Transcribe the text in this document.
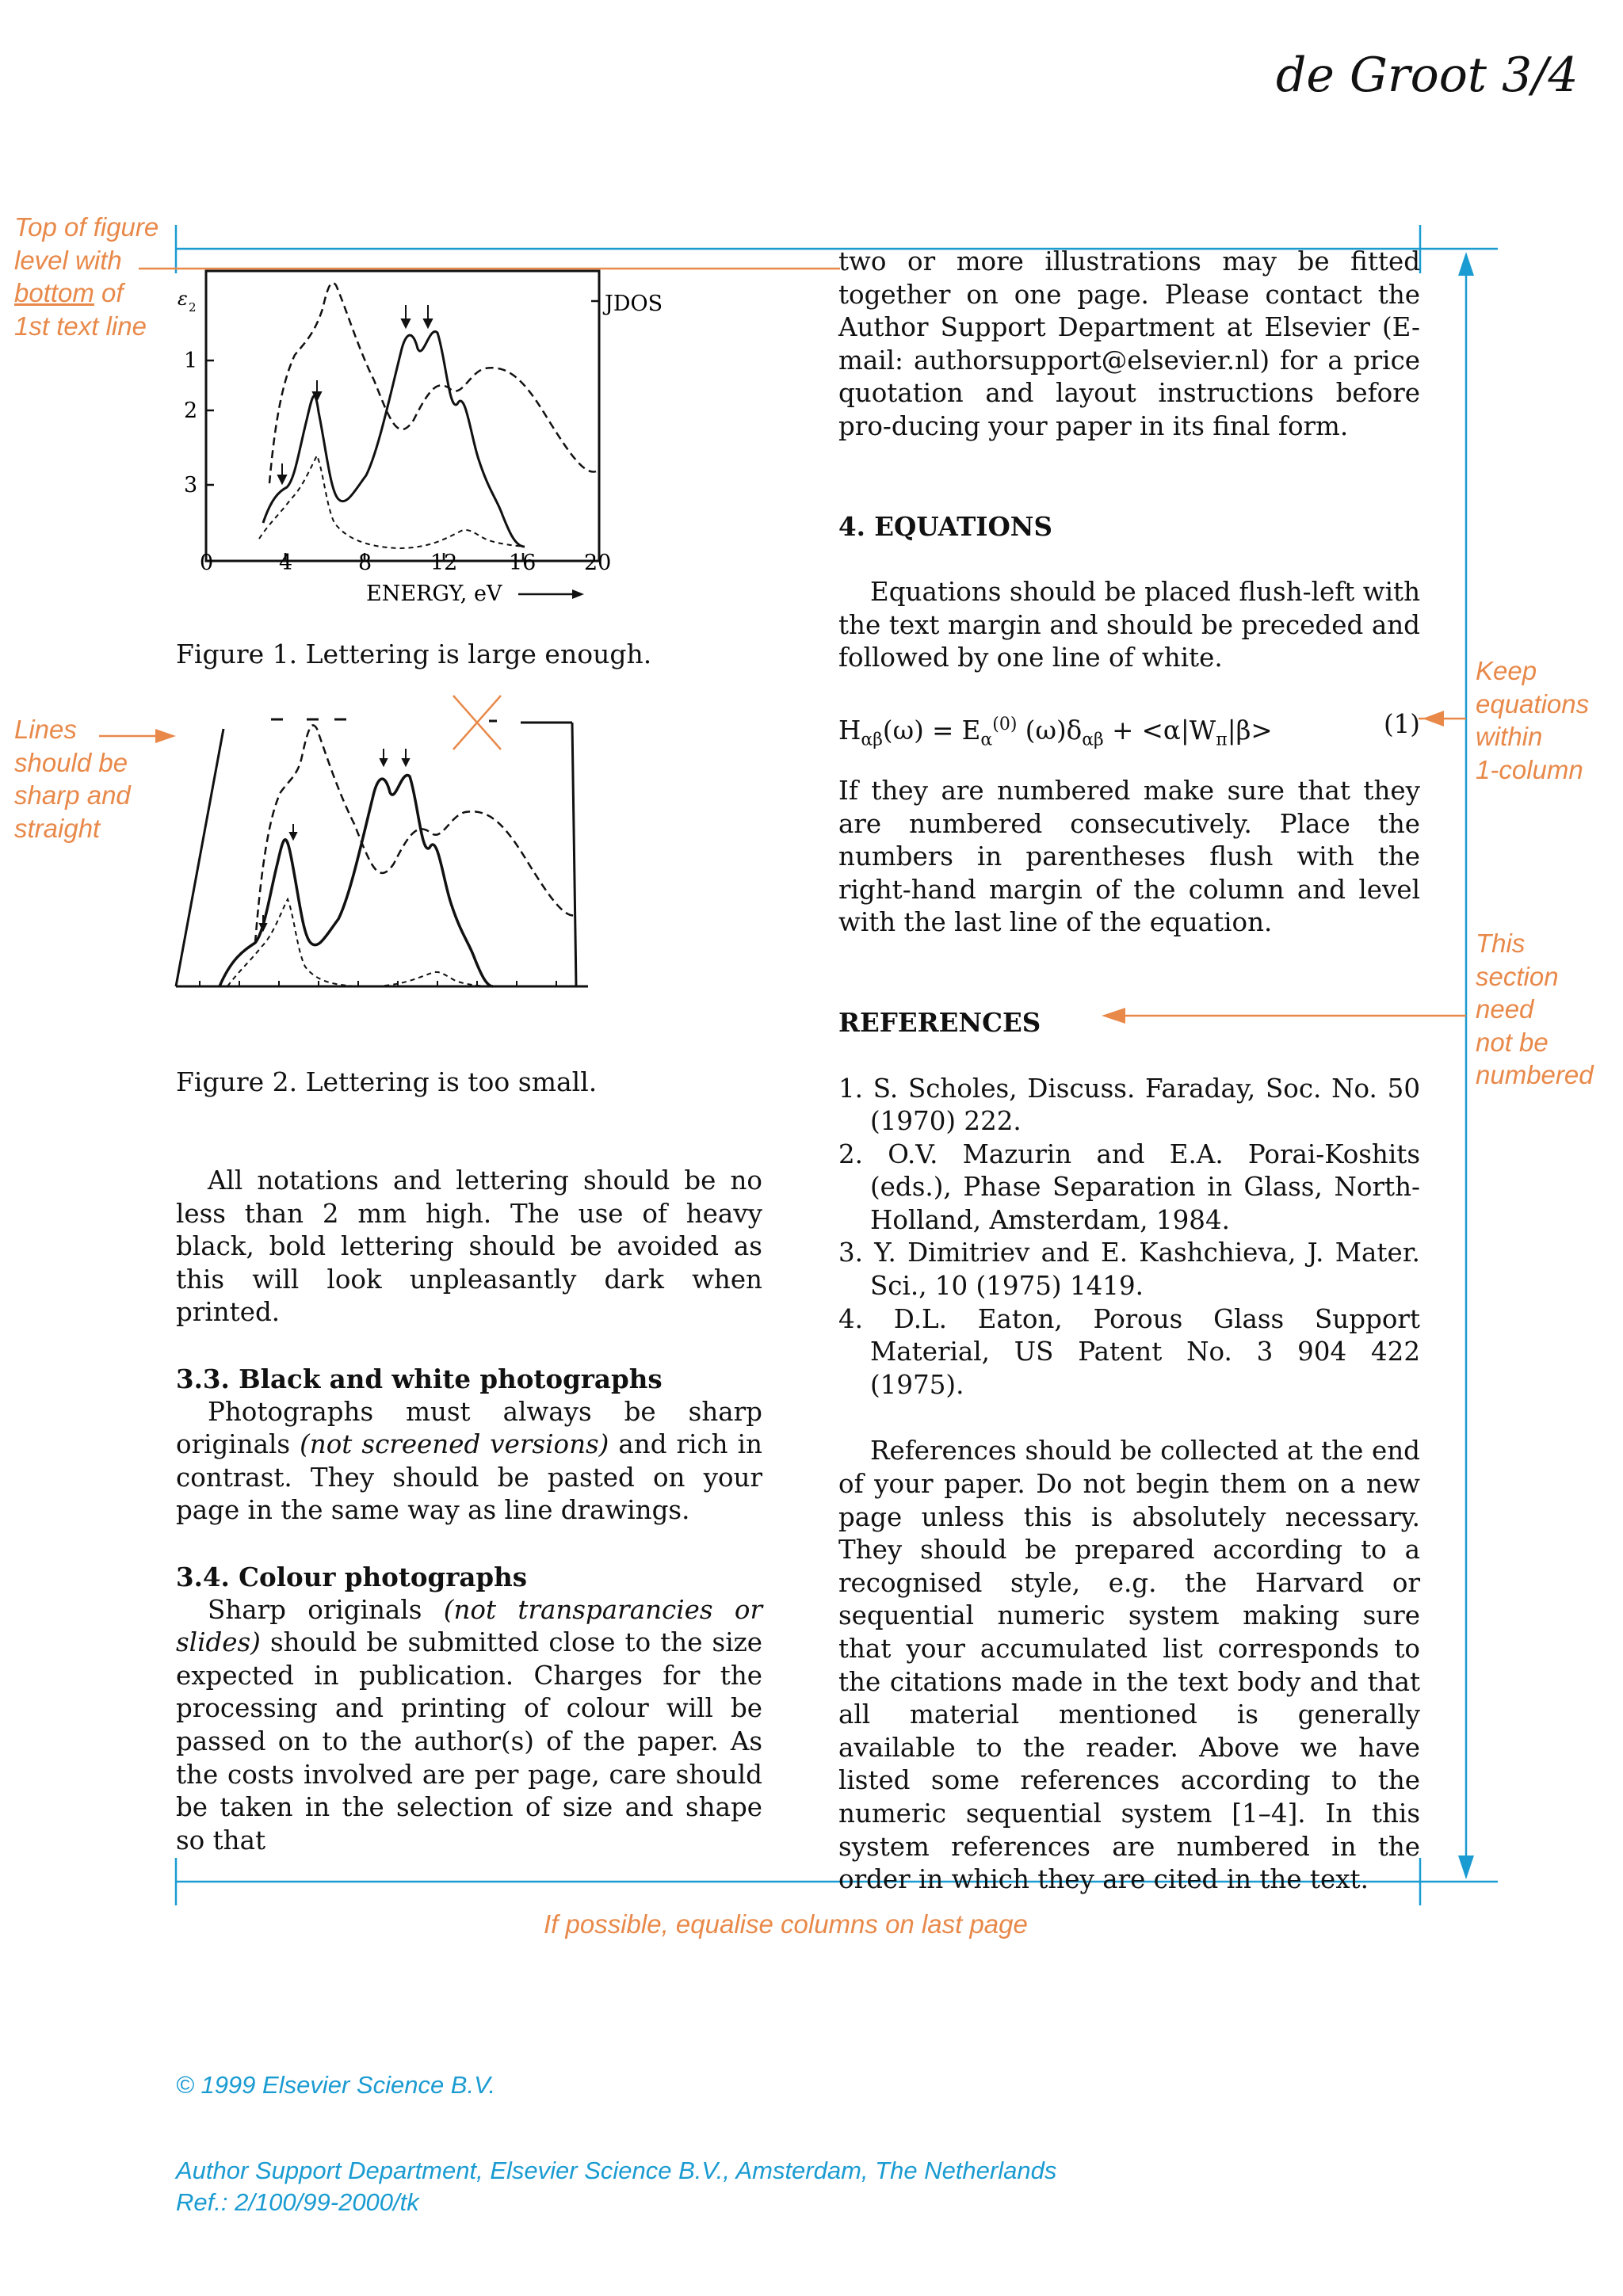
de Groot 3/4
Top of figure
level with
bottom of
1st text line
Lines
should be
sharp and
straight
Keep
equations
within
1-column
This
section
need
not be
numbered
If possible, equalise columns on last page
ε 2
1
2
3
0	4	8	12 16 20
ENERGY, eV
JDOS
Figure 1. Lettering is large enough.
Figure 2. Lettering is too small.

All notations and lettering should be no less than 2 mm high. The use of heavy black, bold lettering should be avoided as this will look unpleasantly dark when printed.

3.3. Black and white photographs

Photographs must always be sharp originals (not screened versions) and rich in contrast. They should be pasted on your page in the same way as line drawings.

3.4. Colour photographs

Sharp originals (not transparancies or slides) should be submitted close to the size expected in publication. Charges for the processing and printing of colour will be passed on to the author(s) of the paper. As the costs involved are per page, care should be taken in the selection of size and shape so that

two or more illustrations may be fitted together on one page. Please contact the Author Support Department at Elsevier (E-mail: authorsupport@elsevier.nl) for a price quotation and layout instructions before pro-ducing your paper in its final form.

4. EQUATIONS

Equations should be placed flush-left with the text margin and should be preceded and followed by one line of white.

$H_{\alpha\beta}(\omega) = E_\alpha^{(0)}$ $(\omega)\delta_{\alpha\beta} + <\alpha|W_\pi|\beta>$	(1)

If they are numbered make sure that they are numbered consecutively. Place the numbers in parentheses flush with the right-hand margin of the column and level with the last line of the equation.

REFERENCES

1. S. Scholes, Discuss. Faraday, Soc. No. 50 (1970) 222.
2. O.V. Mazurin and E.A. Porai-Koshits (eds.), Phase Separation in Glass, North-Holland, Amsterdam, 1984.
3. Y. Dimitriev and E. Kashchieva, J. Mater. Sci., 10 (1975) 1419.
4. D.L. Eaton, Porous Glass Support Material, US Patent No. 3 904 422 (1975).

References should be collected at the end of your paper. Do not begin them on a new page unless this is absolutely necessary. They should be prepared according to a recognised style, e.g. the Harvard or sequential numeric system making sure that your accumulated list corresponds to the citations made in the text body and that all material mentioned is generally available to the reader. Above we have listed some references according to the numeric sequential system [1–4]. In this system references are numbered in the order in which they are cited in the text.

© 1999 Elsevier Science B.V.
Author Support Department, Elsevier Science B.V., Amsterdam, The Netherlands
Ref.: 2/100/99-2000/tk
